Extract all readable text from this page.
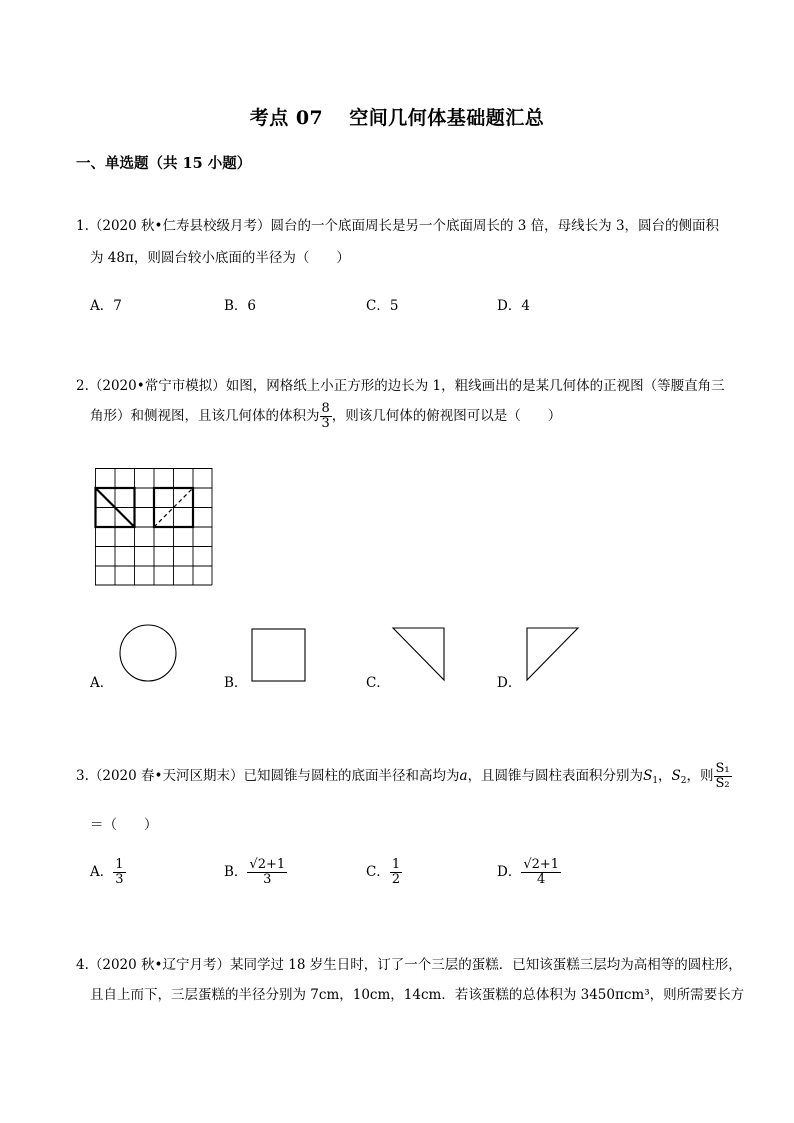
考点 07 空间几何体基础题汇总
一、单选题（共 15 小题）
1.（2020 秋•仁寿县校级月考）圆台的一个底面周长是另一个底面周长的 3 倍，母线长为 3，圆台的侧面积
为 48π，则圆台较小底面的半径为（　　）
A．7	B．6	C．5	D．4
2.（2020•常宁市模拟）如图，网格纸上小正方形的边长为 1，粗线画出的是某几何体的正视图（等腰直角三
角形）和侧视图，且该几何体的体积为 $\frac{8}{3}$ ，则该几何体的俯视图可以是（　　）
A．	B．	C．	D．
3.（2020 春•天河区期末）已知圆锥与圆柱的底面半径和高均为a，且圆锥与圆柱表面积分别为$S_1$，$S_2$，则 $\frac{\text{S₁}}{\text{S₂}}$
＝（　　）
A． $\frac{1}{3}$	B． $\frac{√2+1}{3}$	C． $\frac{1}{2}$	D． $\frac{√2+1}{4}$
4.（2020 秋•辽宁月考）某同学过 18 岁生日时，订了一个三层的蛋糕．已知该蛋糕三层均为高相等的圆柱形，
且自上而下，三层蛋糕的半径分别为 7cm，10cm，14cm．若该蛋糕的总体积为 3450πcm³，则所需要长方
